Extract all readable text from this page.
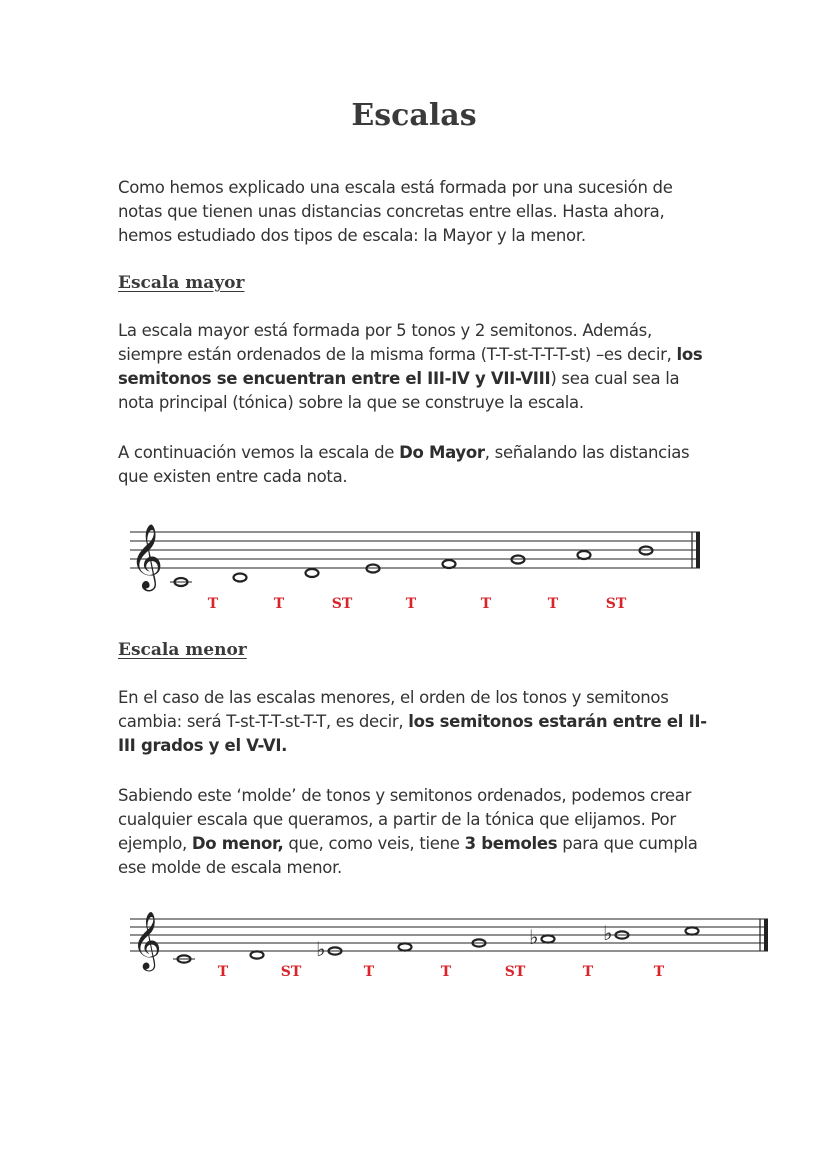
Escalas

Como hemos explicado una escala está formada por una sucesión de notas que tienen unas distancias concretas entre ellas. Hasta ahora, hemos estudiado dos tipos de escala: la Mayor y la menor.

Escala mayor

La escala mayor está formada por 5 tonos y 2 semitonos. Además, siempre están ordenados de la misma forma (T-T-st-T-T-T-st) –es decir, los semitonos se encuentran entre el III-IV y VII-VIII) sea cual sea la nota principal (tónica) sobre la que se construye la escala.

A continuación vemos la escala de Do Mayor, señalando las distancias que existen entre cada nota.

𝄞
T	T	ST	T	T	T	ST
Escala menor

En el caso de las escalas menores, el orden de los tonos y semitonos cambia: será T-st-T-T-st-T-T, es decir, los semitonos estarán entre el II-III grados y el V-VI.

Sabiendo este ‘molde’ de tonos y semitonos ordenados, podemos crear cualquier escala que queramos, a partir de la tónica que elijamos. Por ejemplo, Do menor, que, como veis, tiene 3 bemoles para que cumpla ese molde de escala menor.

𝄞	♭	♭	♭
T	ST	T	T	ST	T	T
